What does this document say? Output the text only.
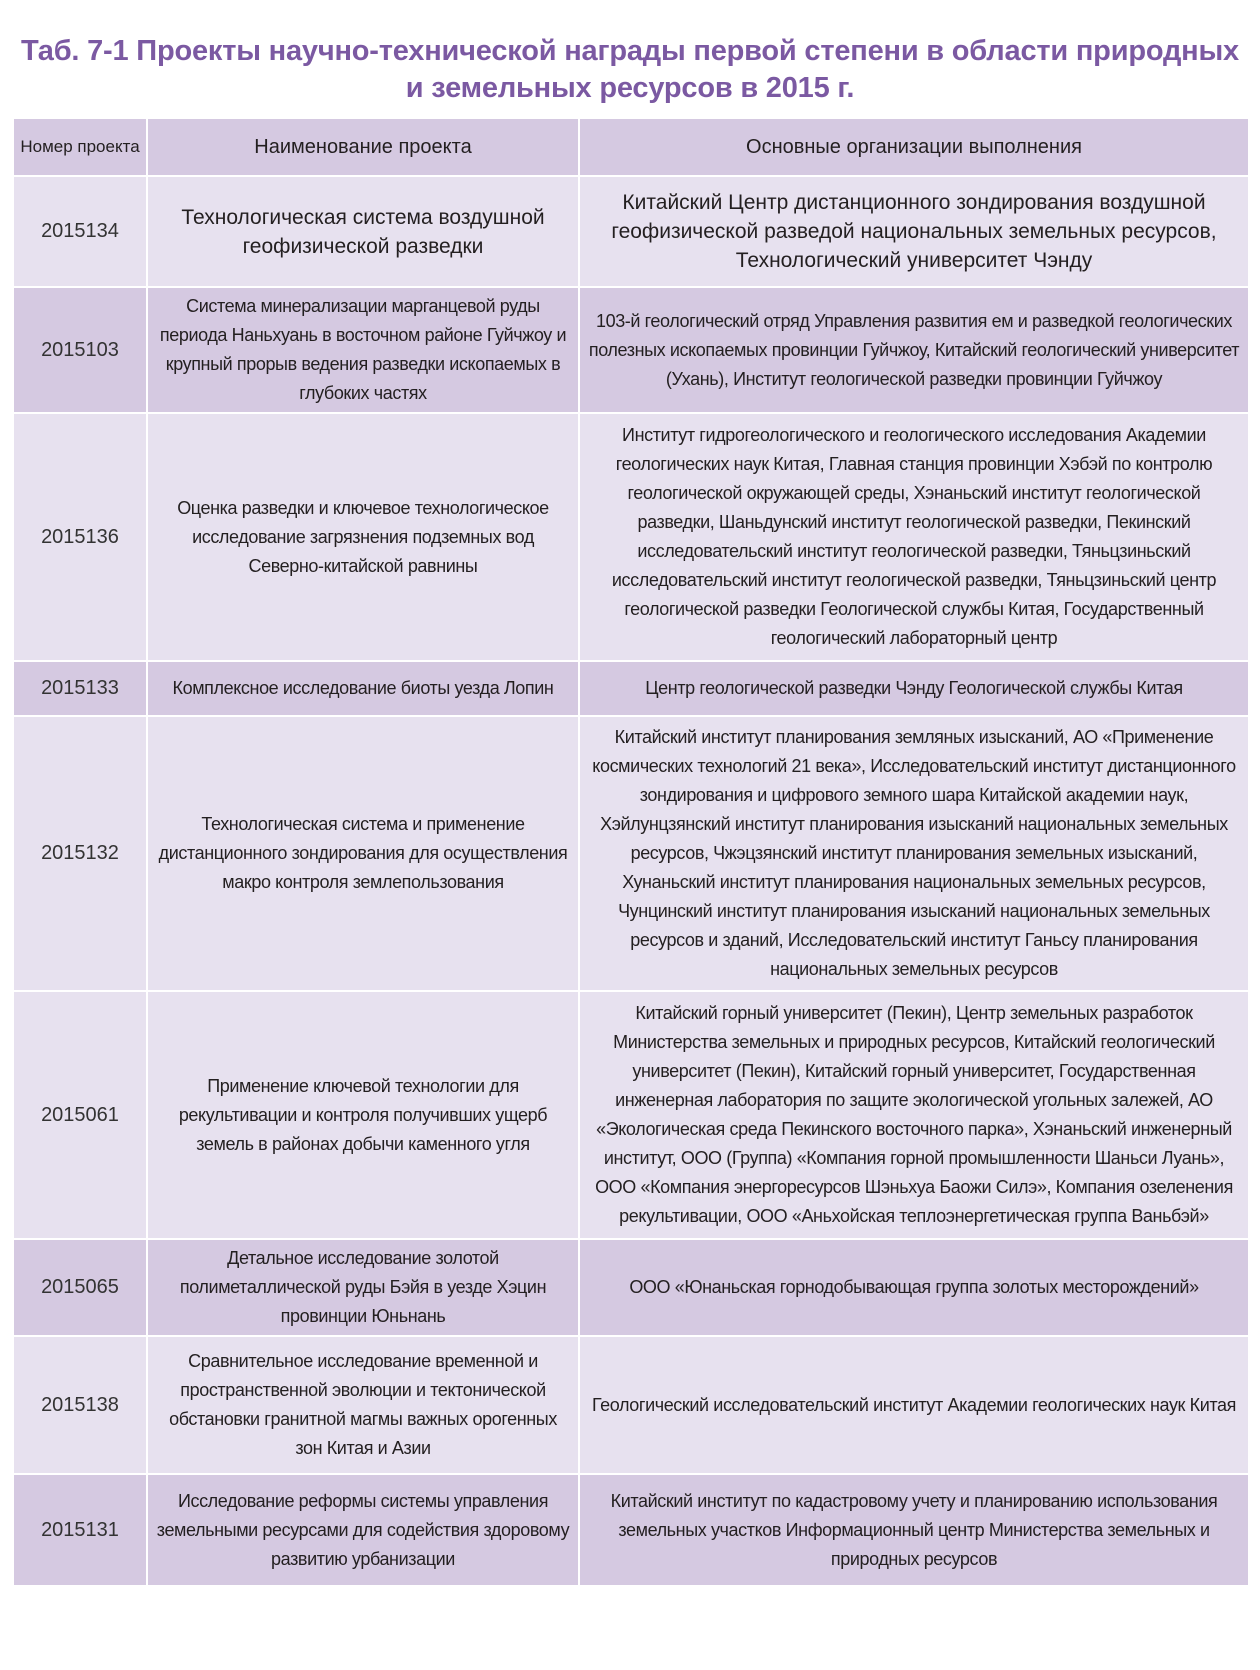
Таб. 7-1 Проекты научно-технической награды первой степени в области природных
и земельных ресурсов в 2015 г.
Номер проекта	Наименование проекта	Основные организации выполнения
2015134	Технологическая система воздушной геофизической разведки	Китайский Центр дистанционного зондирования воздушной геофизической разведой национальных земельных ресурсов, Технологический университет Чэнду
2015103	Система минерализации марганцевой руды периода Наньхуань в восточном районе Гуйчжоу и крупный прорыв ведения разведки ископаемых в глубоких частях	103-й геологический отряд Управления развития ем и разведкой геологических полезных ископаемых провинции Гуйчжоу, Китайский геологический университет (Ухань), Институт геологической разведки провинции Гуйчжоу
2015136	Оценка разведки и ключевое технологическое исследование загрязнения подземных вод Северно-китайской равнины	Институт гидрогеологического и геологического исследования Академии геологических наук Китая, Главная станция провинции Хэбэй по контролю геологической окружающей среды, Хэнаньский институт геологической разведки, Шаньдунский институт геологической разведки, Пекинский исследовательский институт геологической разведки, Тяньцзиньский исследовательский институт геологической разведки, Тяньцзиньский центр геологической разведки Геологической службы Китая, Государственный геологический лабораторный центр
2015133	Комплексное исследование биоты уезда Лопин	Центр геологической разведки Чэнду Геологической службы Китая
2015132	Технологическая система и применение дистанционного зондирования для осуществления макро контроля землепользования	Китайский институт планирования земляных изысканий, АО «Применение космических технологий 21 века», Исследовательский институт дистанционного зондирования и цифрового земного шара Китайской академии наук, Хэйлунцзянский институт планирования изысканий национальных земельных ресурсов, Чжэцзянский институт планирования земельных изысканий, Хунаньский институт планирования национальных земельных ресурсов, Чунцинский институт планирования изысканий национальных земельных ресурсов и зданий, Исследовательский институт Ганьсу планирования национальных земельных ресурсов
2015061	Применение ключевой технологии для рекультивации и контроля получивших ущерб земель в районах добычи каменного угля	Китайский горный университет (Пекин), Центр земельных разработок Министерства земельных и природных ресурсов, Китайский геологический университет (Пекин), Китайский горный университет, Государственная инженерная лаборатория по защите экологической угольных залежей, АО «Экологическая среда Пекинского восточного парка», Хэнаньский инженерный институт, ООО (Группа) «Компания горной промышленности Шаньси Луань», ООО «Компания энергоресурсов Шэньхуа Баожи Силэ», Компания озеленения рекультивации, ООО «Аньхойская теплоэнергетическая группа Ваньбэй»
2015065	Детальное исследование золотой полиметаллической руды Бэйя в уезде Хэцин провинции Юньнань	ООО «Юнаньская горнодобывающая группа золотых месторождений»
2015138	Сравнительное исследование временной и пространственной эволюции и тектонической обстановки гранитной магмы важных орогенных зон Китая и Азии	Геологический исследовательский институт Академии геологических наук Китая
2015131	Исследование реформы системы управления земельными ресурсами для содействия здоровому развитию урбанизации	Китайский институт по кадастровому учету и планированию использования земельных участков Информационный центр Министерства земельных и природных ресурсов
